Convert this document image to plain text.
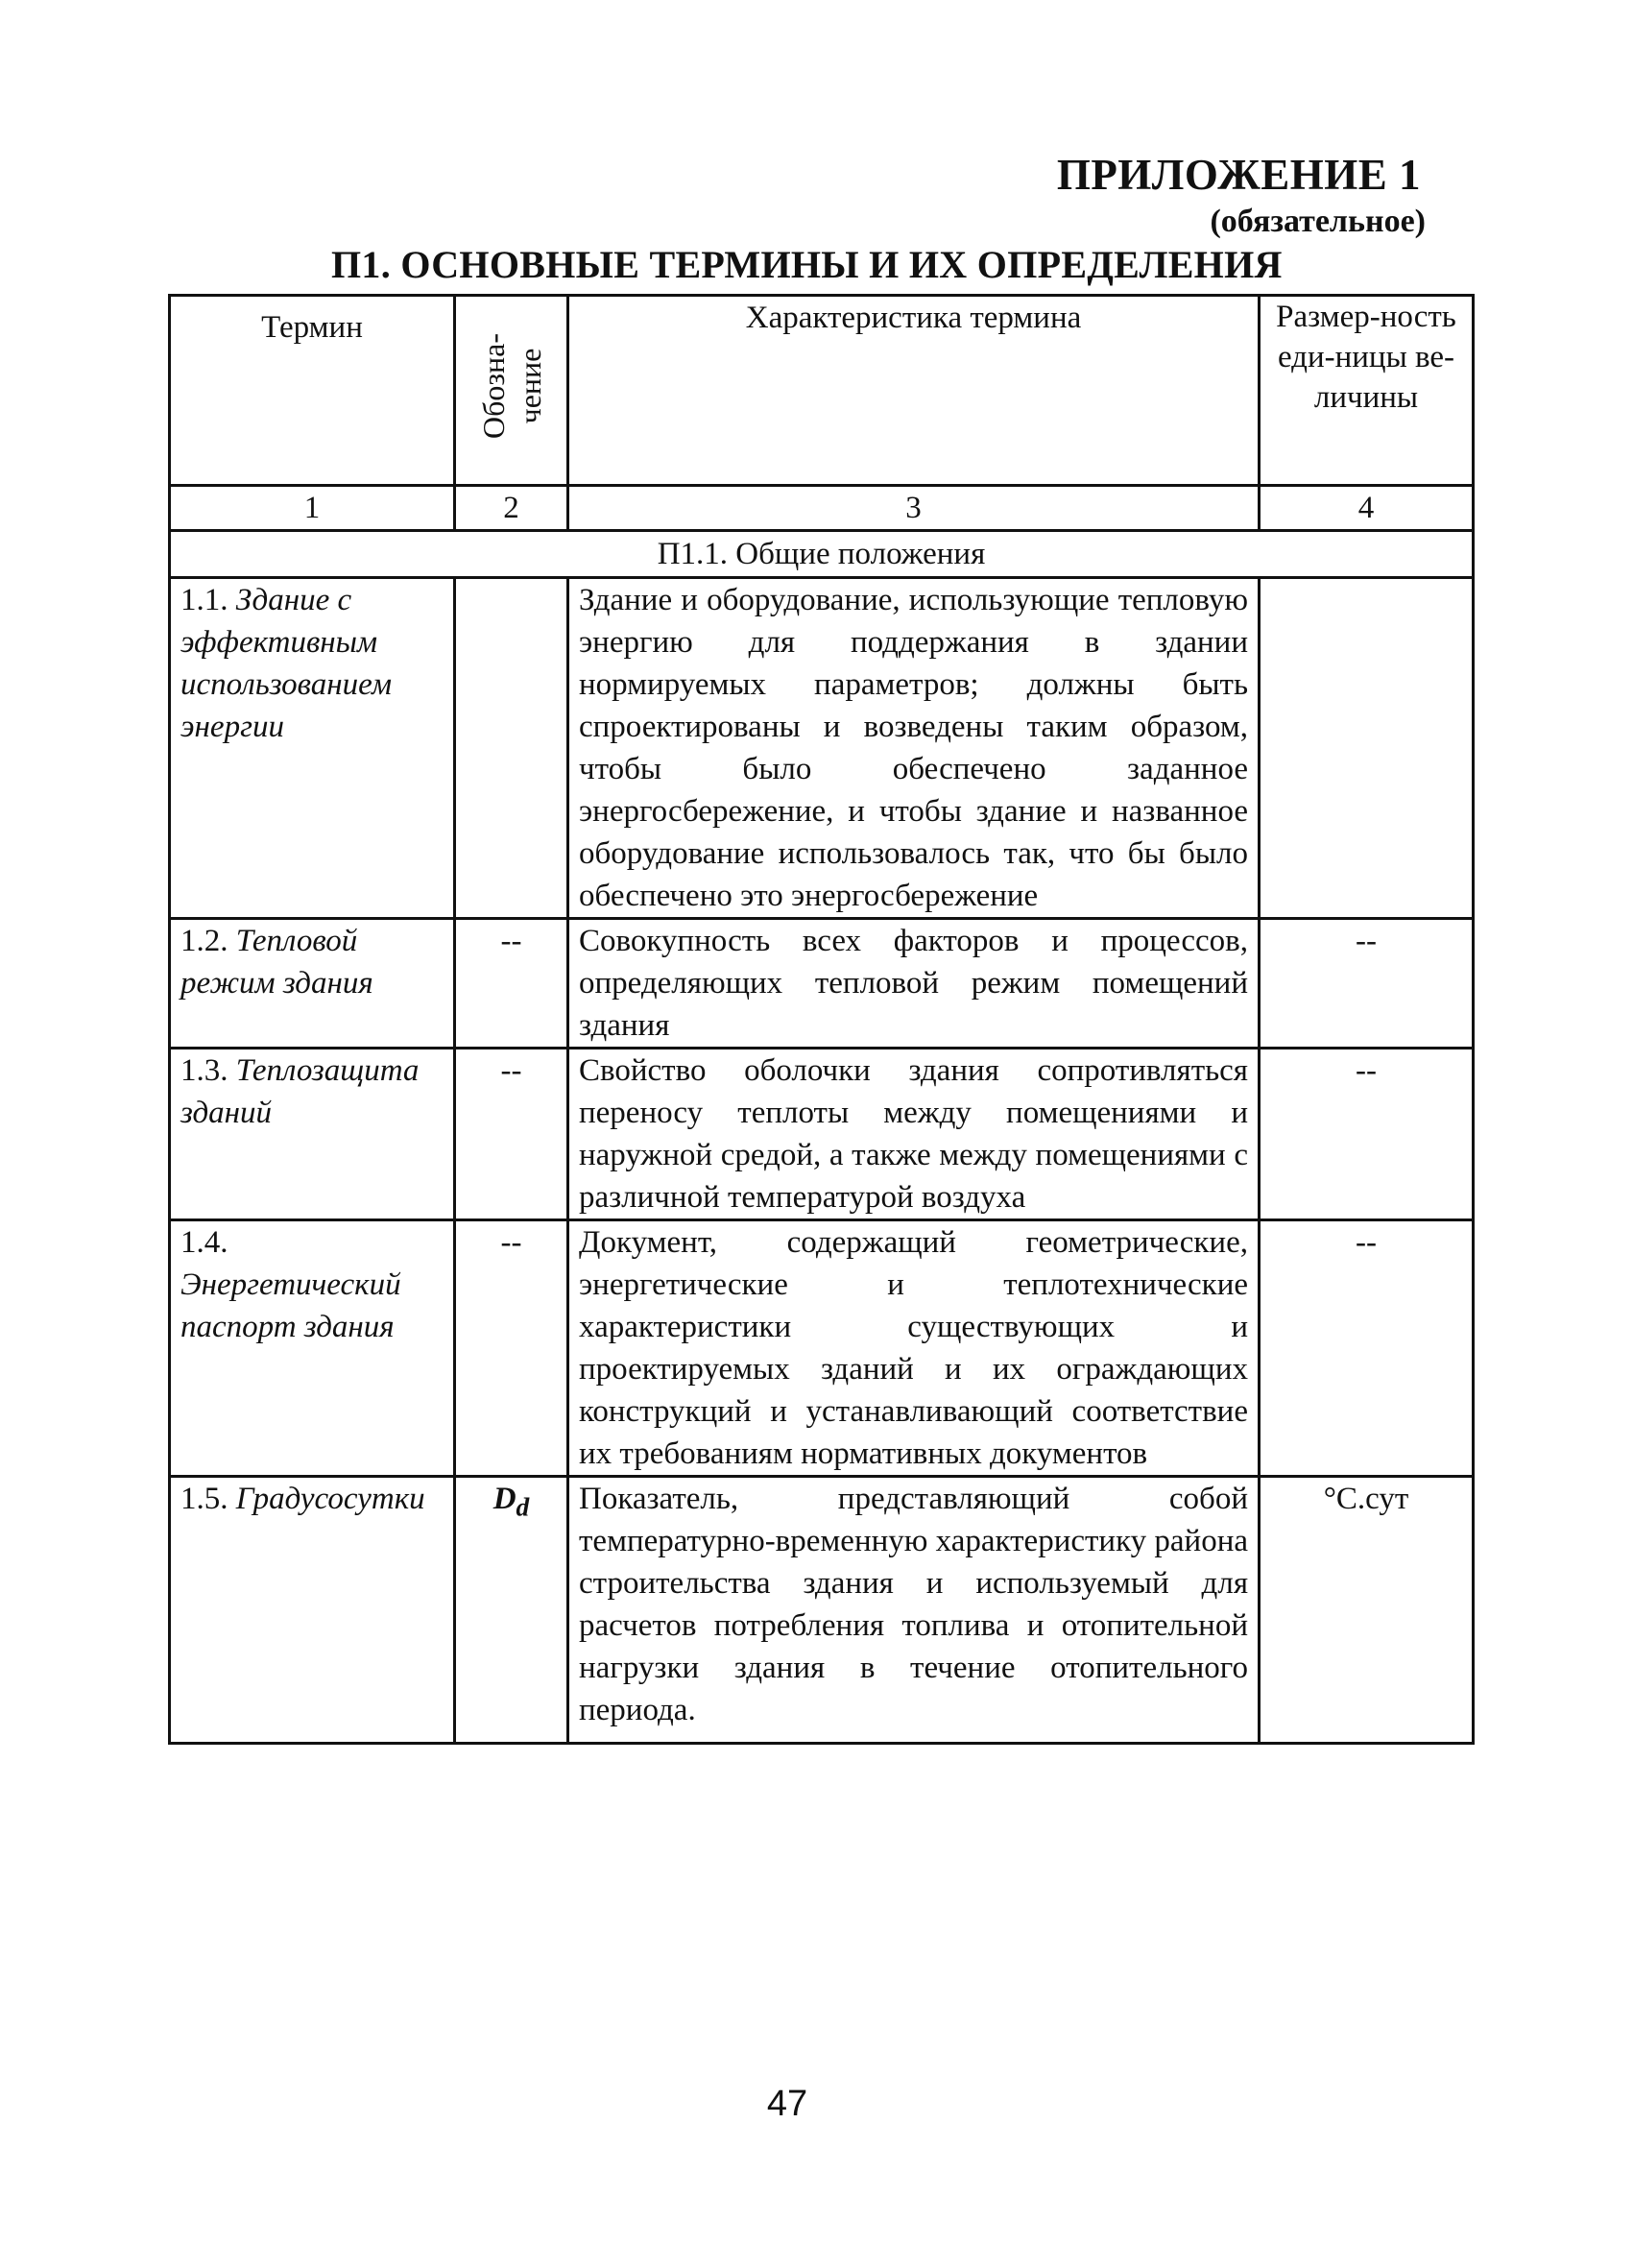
ПРИЛОЖЕНИЕ 1
(обязательное)
П1. ОСНОВНЫЕ ТЕРМИНЫ И ИХ ОПРЕДЕЛЕНИЯ
Термин	Обозна- чение	Характеристика термина	Размер-ность еди-ницы ве-личины
1	2	3	4
П1.1. Общие положения			
1.1. Здание с эффективным использованием энергии		Здание и оборудование, использующие тепловую энергию для поддержания в здании нормируемых параметров; должны быть спроектированы и возведены таким образом, чтобы было обеспечено заданное энергосбережение, и чтобы здание и названное оборудование использовалось так, что бы было обеспечено это энергосбережение	
1.2. Тепловой режим здания	--	Совокупность всех факторов и процессов, определяющих тепловой режим помещений здания	--
1.3. Теплозащита зданий	--	Свойство оболочки здания сопротивляться переносу теплоты между помещениями и наружной средой, а также между помещениями с различной температурой воздуха	--
1.4. Энергетический паспорт здания	--	Документ, содержащий геометрические, энергетические и теплотехнические характеристики существующих и проектируемых зданий и их ограждающих конструкций и устанавливающий соответствие их требованиям нормативных документов	--
1.5. Градусосутки	$D_d$	Показатель, представляющий собой температурно-временную характеристику района строительства здания и используемый для расчетов потребления топлива и отопительной нагрузки здания в течение отопительного периода.	°С.сут
47
